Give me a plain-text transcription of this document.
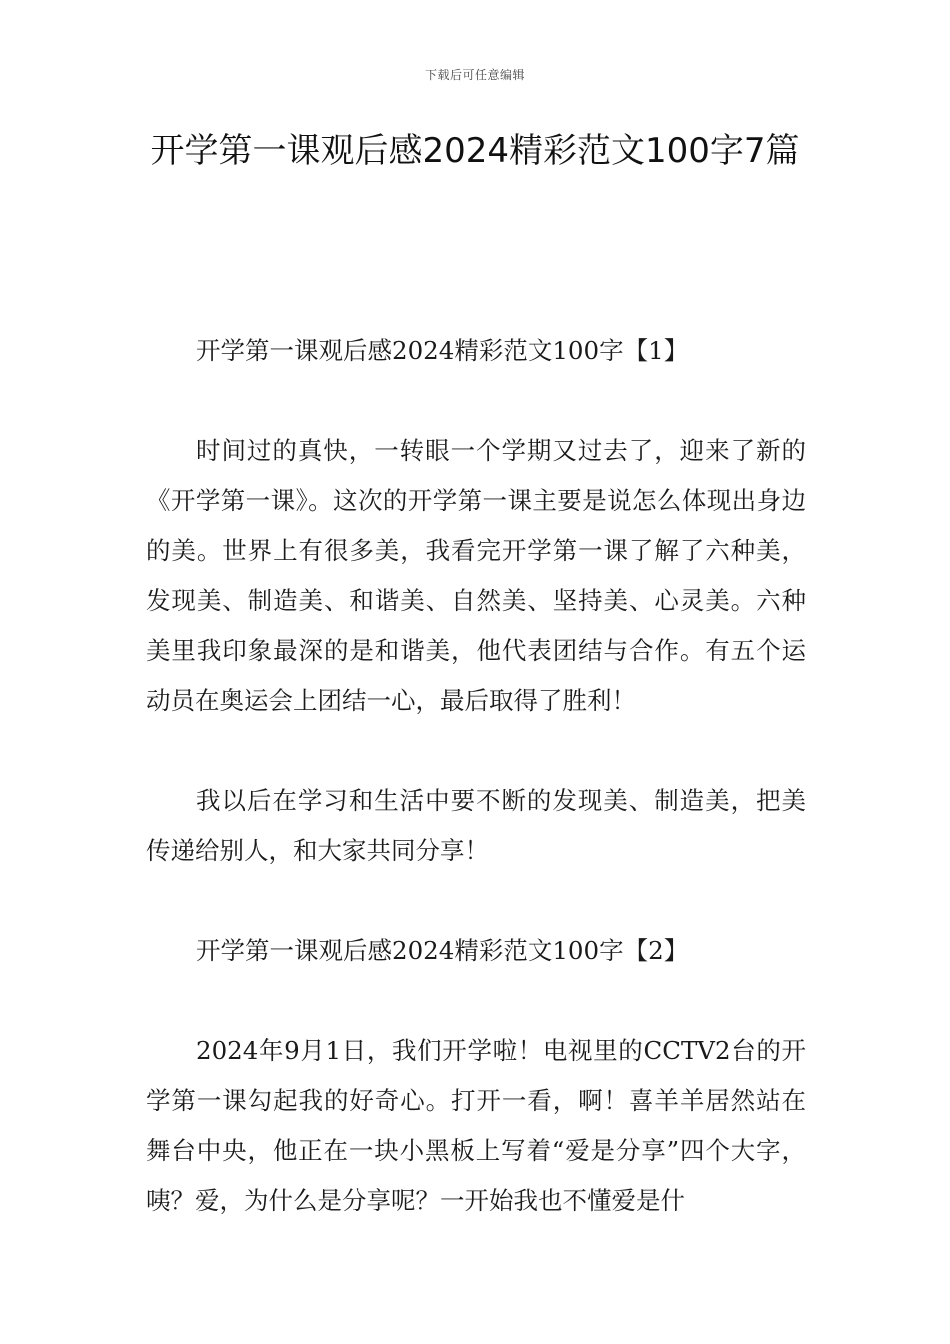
下载后可任意编辑
开学第一课观后感2024精彩范文100字7篇

开学第一课观后感2024精彩范文100字【1】

时间过的真快，一转眼一个学期又过去了，迎来了新的《开学第一课》。这次的开学第一课主要是说怎么体现出身边的美。世界上有很多美，我看完开学第一课了解了六种美，发现美、制造美、和谐美、自然美、坚持美、心灵美。六种美里我印象最深的是和谐美，他代表团结与合作。有五个运动员在奥运会上团结一心，最后取得了胜利！

我以后在学习和生活中要不断的发现美、制造美，把美传递给别人，和大家共同分享！

开学第一课观后感2024精彩范文100字【2】

2024年9月1日，我们开学啦！电视里的CCTV2台的开学第一课勾起我的好奇心。打开一看，啊！喜羊羊居然站在舞台中央，他正在一块小黑板上写着“爱是分享”四个大字，咦？爱，为什么是分享呢？一开始我也不懂爱是什
